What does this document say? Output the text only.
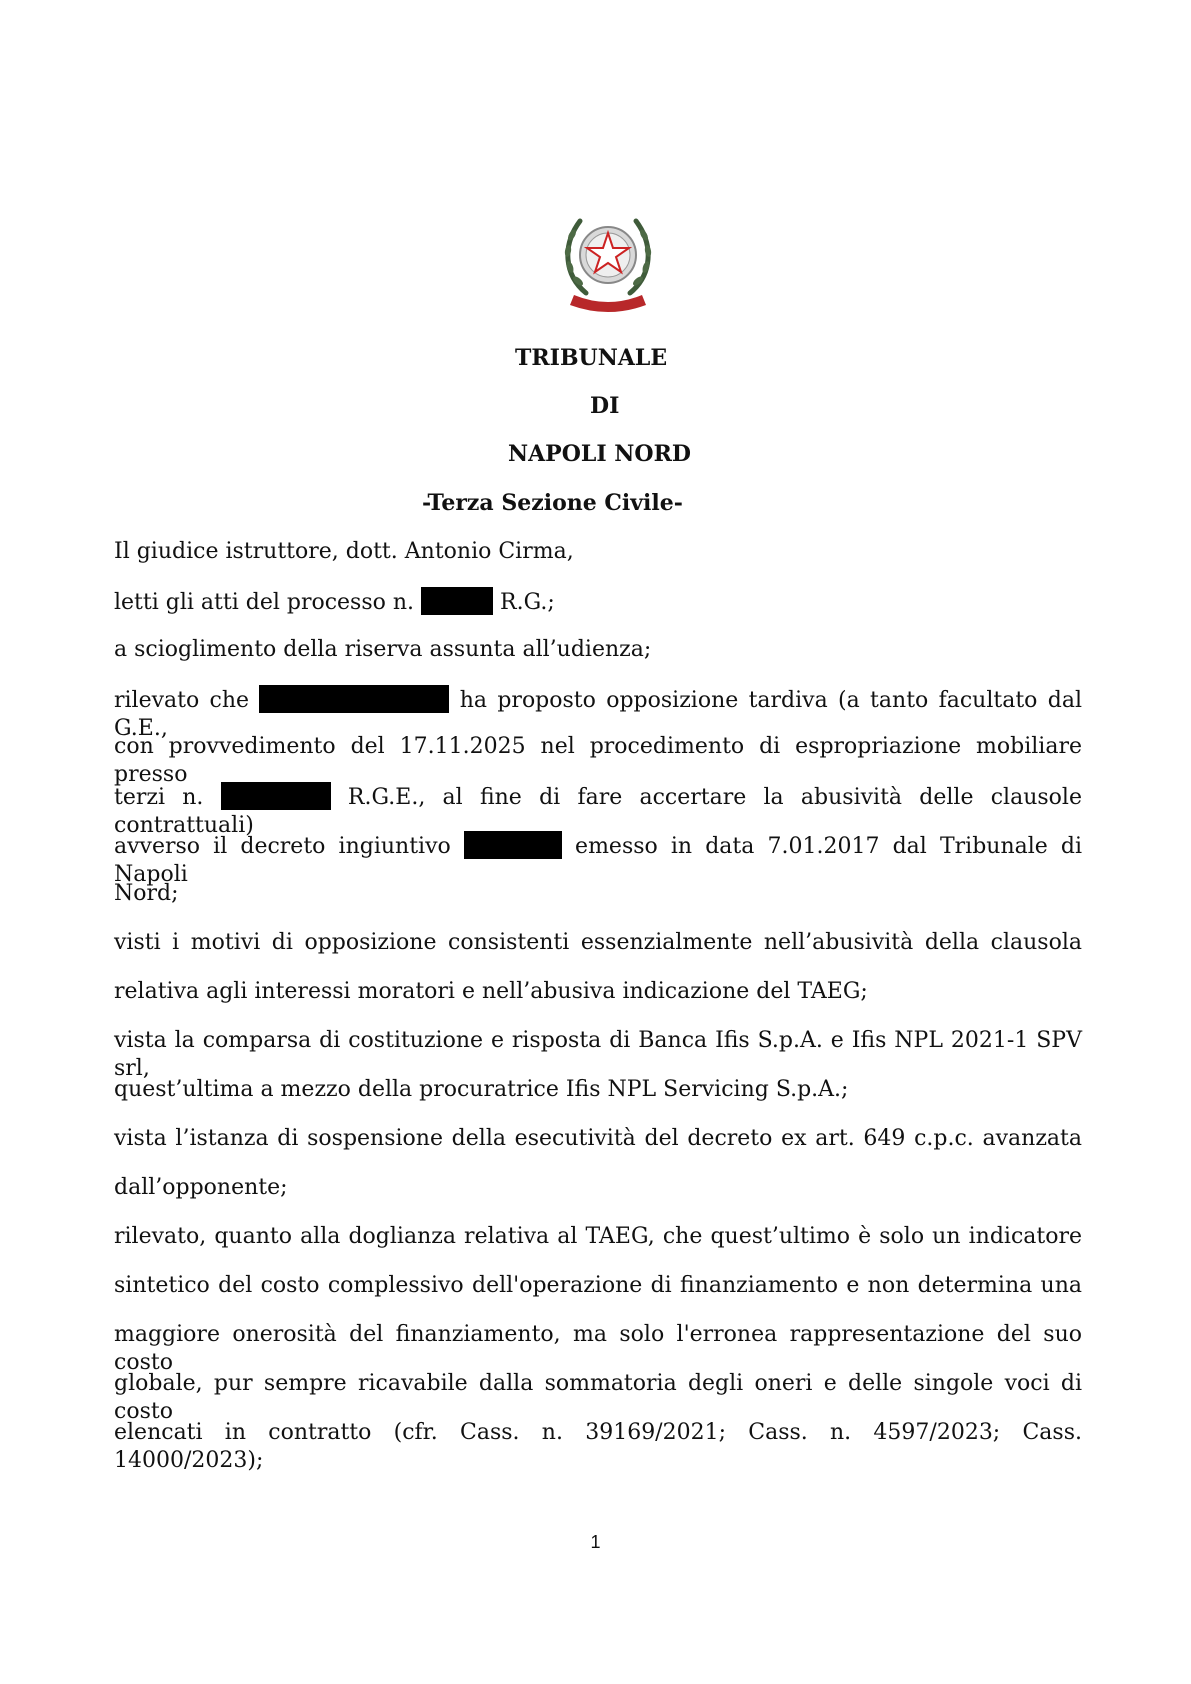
TRIBUNALE
DI
NAPOLI NORD
-Terza Sezione Civile-
Il giudice istruttore, dott. Antonio Cirma,
letti gli atti del processo n.	R.G.;
a scioglimento della riserva assunta all’udienza;
rilevato che	ha proposto opposizione tardiva (a tanto facultato dal G.E.,
con provvedimento del 17.11.2025 nel procedimento di espropriazione mobiliare presso
terzi n.	R.G.E., al fine di fare accertare la abusività delle clausole contrattuali)
avverso il decreto ingiuntivo	emesso in data 7.01.2017 dal Tribunale di Napoli
Nord;
visti i motivi di opposizione consistenti essenzialmente nell’abusività della clausola
relativa agli interessi moratori e nell’abusiva indicazione del TAEG;
vista la comparsa di costituzione e risposta di Banca Ifis S.p.A. e Ifis NPL 2021-1 SPV srl,
quest’ultima a mezzo della procuratrice Ifis NPL Servicing S.p.A.;
vista l’istanza di sospensione della esecutività del decreto ex art. 649 c.p.c. avanzata
dall’opponente;
rilevato, quanto alla doglianza relativa al TAEG, che quest’ultimo è solo un indicatore
sintetico del costo complessivo dell'operazione di finanziamento e non determina una
maggiore onerosità del finanziamento, ma solo l'erronea rappresentazione del suo costo
globale, pur sempre ricavabile dalla sommatoria degli oneri e delle singole voci di costo
elencati in contratto (cfr. Cass. n. 39169/2021; Cass. n. 4597/2023; Cass. 14000/2023);
1
